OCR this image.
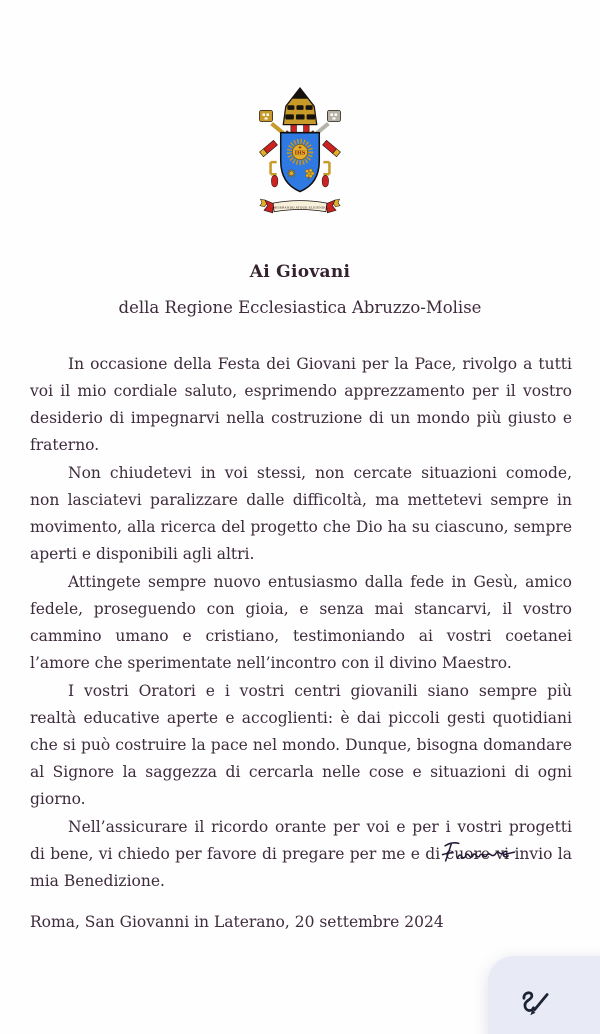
IHS
MISERANDO ATQUE ELIGENDO
Ai Giovani
della Regione Ecclesiastica Abruzzo-Molise

In occasione della Festa dei Giovani per la Pace, rivolgo a tutti voi il mio cordiale saluto, esprimendo apprezzamento per il vostro desiderio di impegnarvi nella costruzione di un mondo più giusto e fraterno.

Non chiudetevi in voi stessi, non cercate situazioni comode, non lasciatevi paralizzare dalle difficoltà, ma mettetevi sempre in movimento, alla ricerca del progetto che Dio ha su ciascuno, sempre aperti e disponibili agli altri.

Attingete sempre nuovo entusiasmo dalla fede in Gesù, amico fedele, proseguendo con gioia, e senza mai stancarvi, il vostro cammino umano e cristiano, testimoniando ai vostri coetanei l’amore che sperimentate nell’incontro con il divino Maestro.

I vostri Oratori e i vostri centri giovanili siano sempre più realtà educative aperte e accoglienti: è dai piccoli gesti quotidiani che si può costruire la pace nel mondo. Dunque, bisogna domandare al Signore la saggezza di cercarla nelle cose e situazioni di ogni giorno.

Nell’assicurare il ricordo orante per voi e per i vostri progetti di bene, vi chiedo per favore di pregare per me e di cuore vi invio la mia Benedizione.

Roma, San Giovanni in Laterano, 20 settembre 2024
